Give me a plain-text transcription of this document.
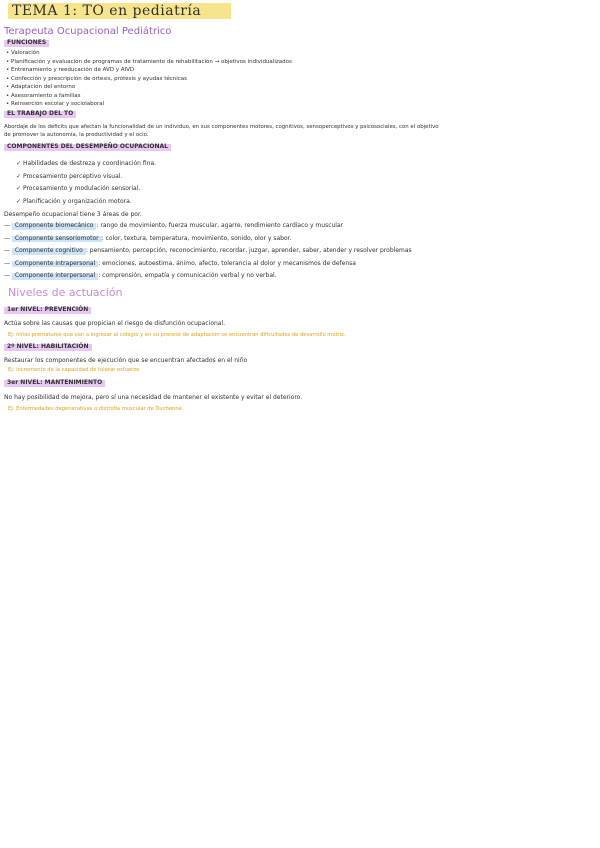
TEMA 1: TO en pediatría
Terapeuta Ocupacional Pediátrico
FUNCIONES
• Valoración
• Planificación y evaluación de programas de tratamiento de rehabilitación → objetivos individualizados
• Entrenamiento y reeducación de AVD y AIVD
• Confección y prescripción de ortesis, prótesis y ayudas técnicas
• Adaptación del entorno
• Asesoramiento a familias
• Reinserción escolar y sociolaboral
EL TRABAJO DEL TO
Abordaje de los déficits que afectan la funcionalidad de un individuo, en sus componentes motores, cognitivos, sensoperceptivos y psicosociales, con el objetivo
de promover la autonomía, la productividad y el ocio.
COMPONENTES DEL DESEMPEÑO OCUPACIONAL
✓ Habilidades de destreza y coordinación fina.
✓ Procesamiento perceptivo visual.
✓ Procesamiento y modulación sensorial.
✓ Planificación y organización motora.
Desempeño ocupacional tiene 3 áreas de por.
— Componente biomecánico : rango de movimiento, fuerza muscular, agarre, rendimiento cardíaco y muscular
— Componente sensoriomotor : color, textura, temperatura, movimiento, sonido, olor y sabor.
— Componente cognitivo : pensamiento, percepción, reconocimiento, recordar, juzgar, aprender, saber, atender y resolver problemas
— Componente intrapersonal : emociones, autoestima, ánimo, afecto, tolerancia al dolor y mecanismos de defensa
— Componente interpersonal : comprensión, empatía y comunicación verbal y no verbal.
Niveles de actuación
1er NIVEL: PREVENCIÓN
Actúa sobre las causas que propician el riesgo de disfunción ocupacional.
Ej: niños prematuros que van a ingresar al colegio y en su proceso de adaptación se encuentran dificultades de desarrollo motriz.
2º NIVEL: HABILITACIÓN
Restaurar los componentes de ejecución que se encuentran afectados en el niño
Ej: incremento de la capacidad de tolerar esfuerzo
3er NIVEL: MANTENIMIENTO
No hay posibilidad de mejora, pero sí una necesidad de mantener el existente y evitar el deterioro.
Ej: Enfermedades degenerativas o distrofia muscular de Duchenne.
